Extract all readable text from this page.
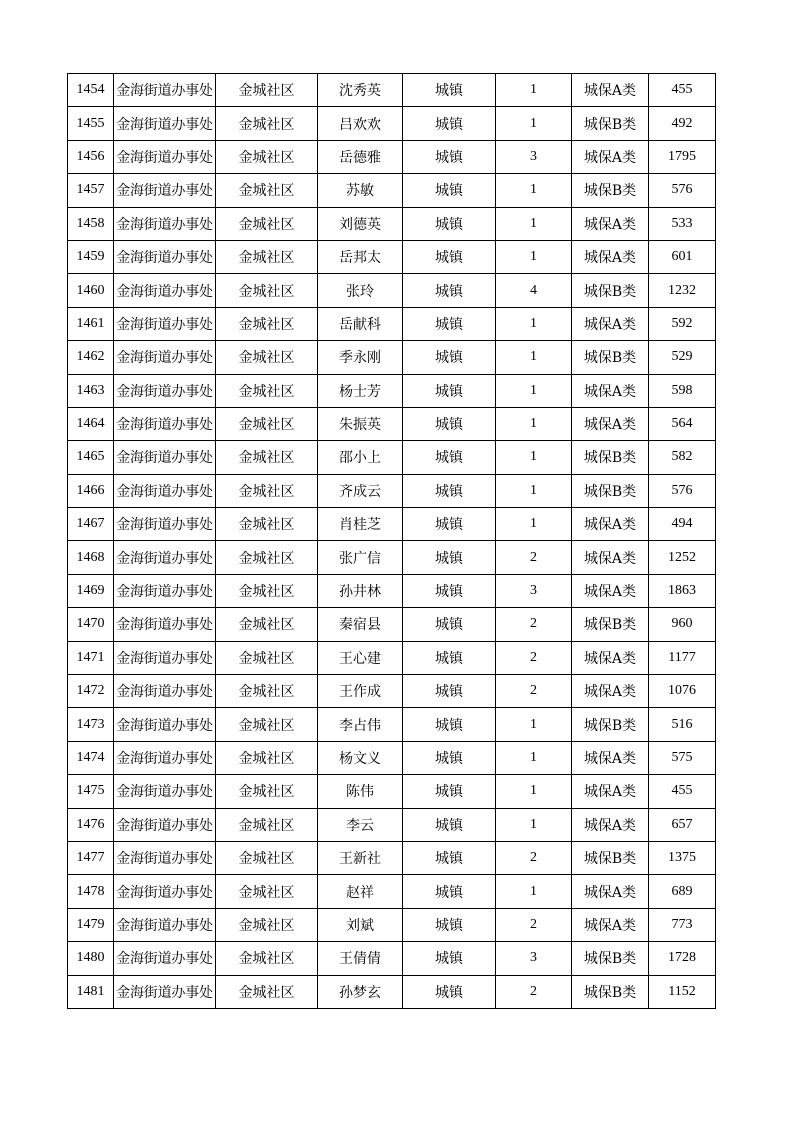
1454	金海街道办事处	金城社区	沈秀英	城镇	1	城保A类	455
1455	金海街道办事处	金城社区	吕欢欢	城镇	1	城保B类	492
1456	金海街道办事处	金城社区	岳德雅	城镇	3	城保A类	1795
1457	金海街道办事处	金城社区	苏敏	城镇	1	城保B类	576
1458	金海街道办事处	金城社区	刘德英	城镇	1	城保A类	533
1459	金海街道办事处	金城社区	岳邦太	城镇	1	城保A类	601
1460	金海街道办事处	金城社区	张玲	城镇	4	城保B类	1232
1461	金海街道办事处	金城社区	岳献科	城镇	1	城保A类	592
1462	金海街道办事处	金城社区	季永刚	城镇	1	城保B类	529
1463	金海街道办事处	金城社区	杨士芳	城镇	1	城保A类	598
1464	金海街道办事处	金城社区	朱振英	城镇	1	城保A类	564
1465	金海街道办事处	金城社区	邵小上	城镇	1	城保B类	582
1466	金海街道办事处	金城社区	齐成云	城镇	1	城保B类	576
1467	金海街道办事处	金城社区	肖桂芝	城镇	1	城保A类	494
1468	金海街道办事处	金城社区	张广信	城镇	2	城保A类	1252
1469	金海街道办事处	金城社区	孙井林	城镇	3	城保A类	1863
1470	金海街道办事处	金城社区	秦宿县	城镇	2	城保B类	960
1471	金海街道办事处	金城社区	王心建	城镇	2	城保A类	1177
1472	金海街道办事处	金城社区	王作成	城镇	2	城保A类	1076
1473	金海街道办事处	金城社区	李占伟	城镇	1	城保B类	516
1474	金海街道办事处	金城社区	杨文义	城镇	1	城保A类	575
1475	金海街道办事处	金城社区	陈伟	城镇	1	城保A类	455
1476	金海街道办事处	金城社区	李云	城镇	1	城保A类	657
1477	金海街道办事处	金城社区	王新社	城镇	2	城保B类	1375
1478	金海街道办事处	金城社区	赵祥	城镇	1	城保A类	689
1479	金海街道办事处	金城社区	刘斌	城镇	2	城保A类	773
1480	金海街道办事处	金城社区	王倩倩	城镇	3	城保B类	1728
1481	金海街道办事处	金城社区	孙梦玄	城镇	2	城保B类	1152
